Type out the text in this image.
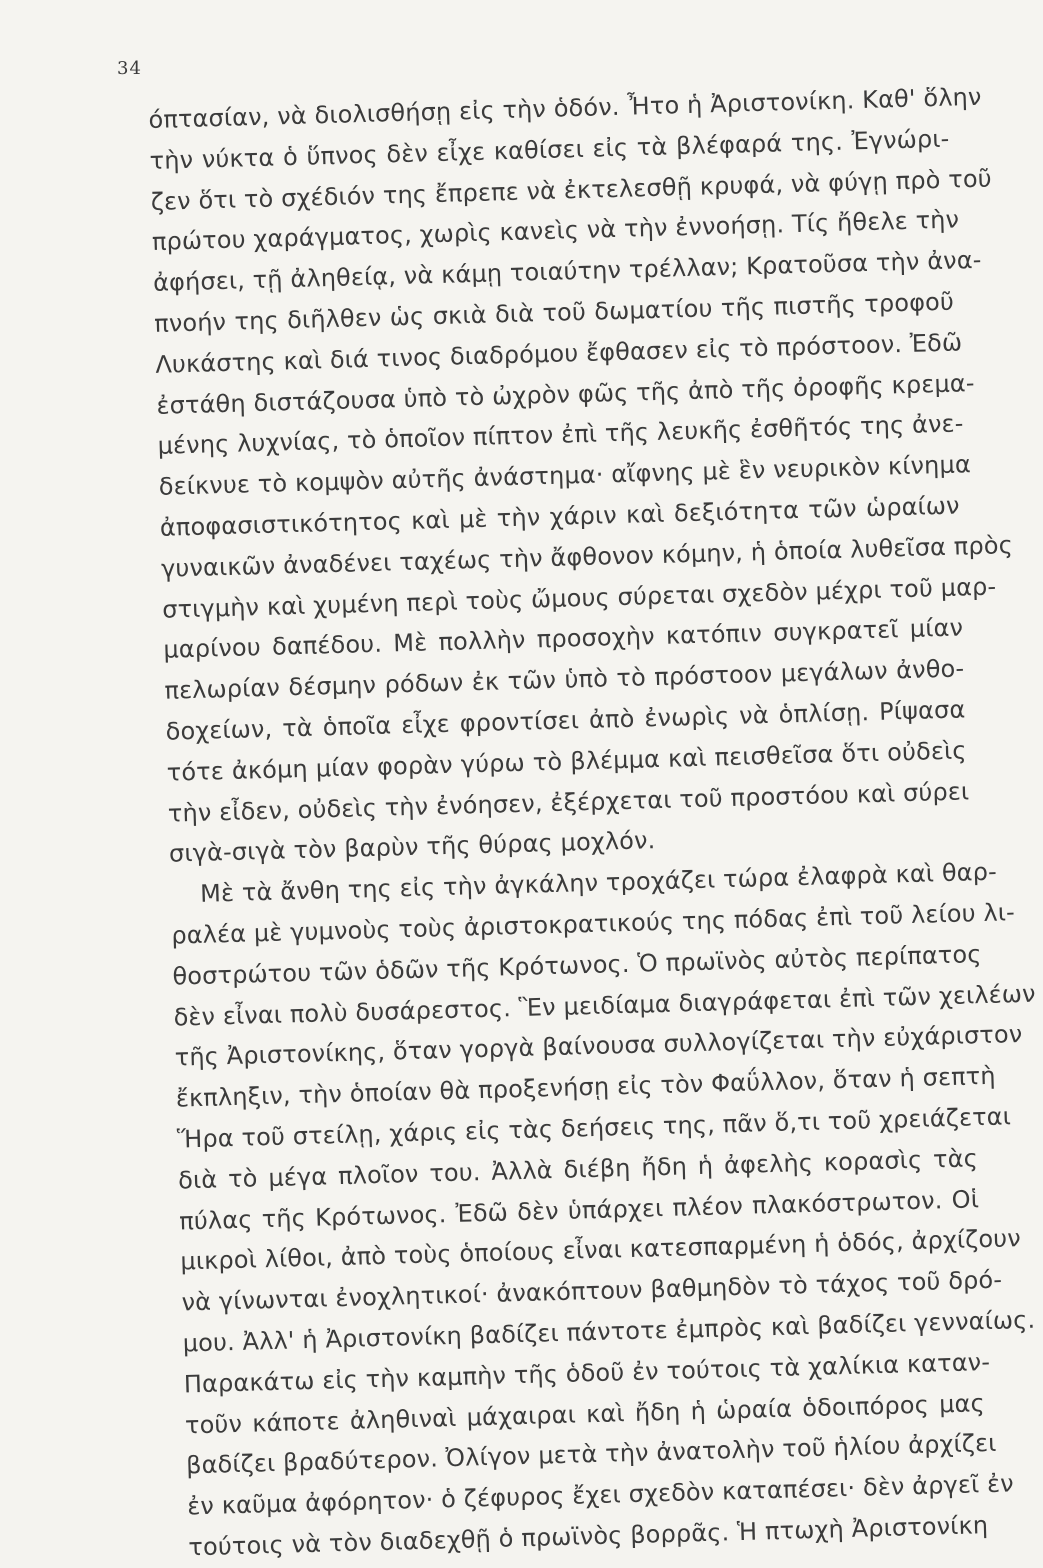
34
όπτασίαν, νὰ διολισθήσῃ εἰς τὴν ὁδόν. Ἦτο ἡ Ἀριστονίκη. Καθ' ὅλην
τὴν νύκτα ὁ ὕπνος δὲν εἶχε καθίσει εἰς τὰ βλέφαρά της. Ἐγνώρι-
ζεν ὅτι τὸ σχέδιόν της ἔπρεπε νὰ ἐκτελεσθῇ κρυφά, νὰ φύγῃ πρὸ τοῦ
πρώτου χαράγματος, χωρὶς κανεὶς νὰ τὴν ἐννοήσῃ. Τίς ἤθελε τὴν
ἀφήσει, τῇ ἀληθείᾳ, νὰ κάμῃ τοιαύτην τρέλλαν; Κρατοῦσα τὴν ἀνα-
πνοήν της διῆλθεν ὡς σκιὰ διὰ τοῦ δωματίου τῆς πιστῆς τροφοῦ
Λυκάστης καὶ διά τινος διαδρόμου ἔφθασεν εἰς τὸ πρόστοον. Ἐδῶ
ἐστάθη διστάζουσα ὑπὸ τὸ ὠχρὸν φῶς τῆς ἀπὸ τῆς ὀροφῆς κρεμα-
μένης λυχνίας, τὸ ὁποῖον πίπτον ἐπὶ τῆς λευκῆς ἐσθῆτός της ἀνε-
δείκνυε τὸ κομψὸν αὐτῆς ἀνάστημα· αἴφνης μὲ ἓν νευρικὸν κίνημα
ἀποφασιστικότητος καὶ μὲ τὴν χάριν καὶ δεξιότητα τῶν ὡραίων
γυναικῶν ἀναδένει ταχέως τὴν ἄφθονον κόμην, ἡ ὁποία λυθεῖσα πρὸς
στιγμὴν καὶ χυμένη περὶ τοὺς ὤμους σύρεται σχεδὸν μέχρι τοῦ μαρ-
μαρίνου δαπέδου. Μὲ πολλὴν προσοχὴν κατόπιν συγκρατεῖ μίαν
πελωρίαν δέσμην ρόδων ἐκ τῶν ὑπὸ τὸ πρόστοον μεγάλων ἀνθο-
δοχείων, τὰ ὁποῖα εἶχε φροντίσει ἀπὸ ἐνωρὶς νὰ ὁπλίσῃ. Ρίψασα
τότε ἀκόμη μίαν φορὰν γύρω τὸ βλέμμα καὶ πεισθεῖσα ὅτι οὐδεὶς
τὴν εἶδεν, οὐδεὶς τὴν ἐνόησεν, ἐξέρχεται τοῦ προστόου καὶ σύρει
σιγὰ-σιγὰ τὸν βαρὺν τῆς θύρας μοχλόν.
Μὲ τὰ ἄνθη της εἰς τὴν ἀγκάλην τροχάζει τώρα ἐλαφρὰ καὶ θαρ-
ραλέα μὲ γυμνοὺς τοὺς ἀριστοκρατικούς της πόδας ἐπὶ τοῦ λείου λι-
θοστρώτου τῶν ὁδῶν τῆς Κρότωνος. Ὁ πρωϊνὸς αὐτὸς περίπατος
δὲν εἶναι πολὺ δυσάρεστος. Ἓν μειδίαμα διαγράφεται ἐπὶ τῶν χειλέων
τῆς Ἀριστονίκης, ὅταν γοργὰ βαίνουσα συλλογίζεται τὴν εὐχάριστον
ἔκπληξιν, τὴν ὁποίαν θὰ προξενήσῃ εἰς τὸν Φαΰλλον, ὅταν ἡ σεπτὴ
Ἥρα τοῦ στείλῃ, χάρις εἰς τὰς δεήσεις της, πᾶν ὅ,τι τοῦ χρειάζεται
διὰ τὸ μέγα πλοῖον του. Ἀλλὰ διέβη ἤδη ἡ ἀφελὴς κορασὶς τὰς
πύλας τῆς Κρότωνος. Ἐδῶ δὲν ὑπάρχει πλέον πλακόστρωτον. Οἱ
μικροὶ λίθοι, ἀπὸ τοὺς ὁποίους εἶναι κατεσπαρμένη ἡ ὁδός, ἀρχίζουν
νὰ γίνωνται ἐνοχλητικοί· ἀνακόπτουν βαθμηδὸν τὸ τάχος τοῦ δρό-
μου. Ἀλλ' ἡ Ἀριστονίκη βαδίζει πάντοτε ἐμπρὸς καὶ βαδίζει γενναίως.
Παρακάτω εἰς τὴν καμπὴν τῆς ὁδοῦ ἐν τούτοις τὰ χαλίκια καταν-
τοῦν κάποτε ἀληθιναὶ μάχαιραι καὶ ἤδη ἡ ὡραία ὁδοιπόρος μας
βαδίζει βραδύτερον. Ὀλίγον μετὰ τὴν ἀνατολὴν τοῦ ἡλίου ἀρχίζει
ἐν καῦμα ἀφόρητον· ὁ ζέφυρος ἔχει σχεδὸν καταπέσει· δὲν ἀργεῖ ἐν
τούτοις νὰ τὸν διαδεχθῇ ὁ πρωϊνὸς βορρᾶς. Ἡ πτωχὴ Ἀριστονίκη
